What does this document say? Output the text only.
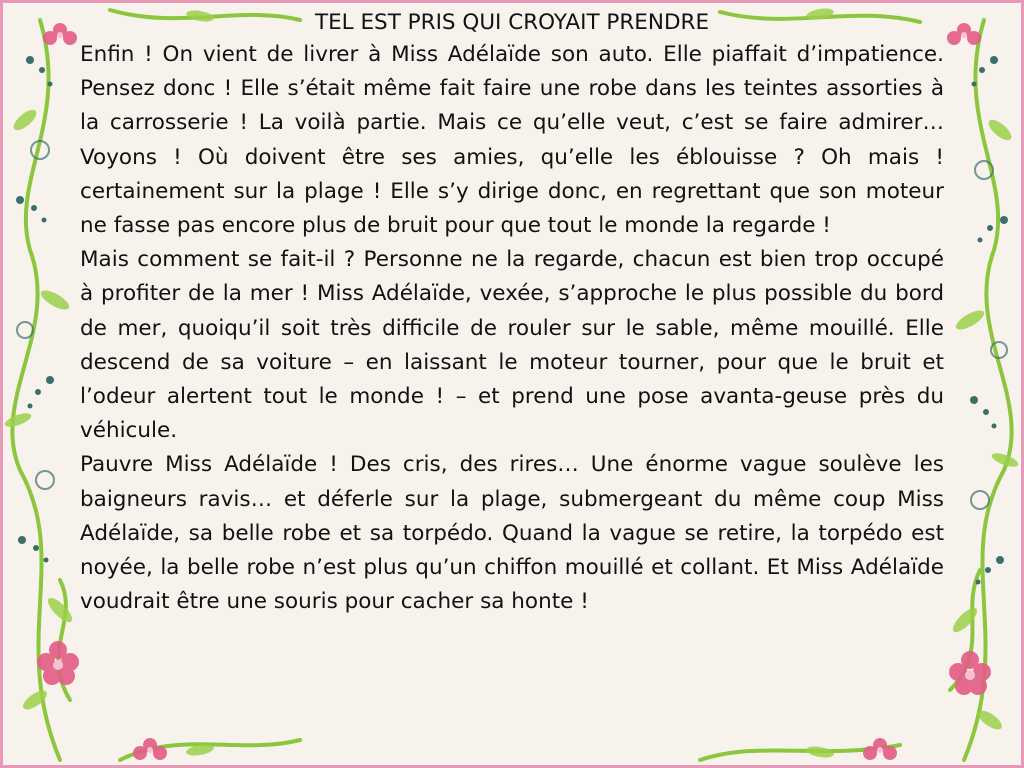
TEL EST PRIS QUI CROYAIT PRENDRE

Enfin ! On vient de livrer à Miss Adélaïde son auto. Elle piaffait d’impatience. Pensez donc ! Elle s’était même fait faire une robe dans les teintes assorties à la carrosserie ! La voilà partie. Mais ce qu’elle veut, c’est se faire admirer… Voyons ! Où doivent être ses amies, qu’elle les éblouisse ? Oh mais ! certainement sur la plage ! Elle s’y dirige donc, en regrettant que son moteur ne fasse pas encore plus de bruit pour que tout le monde la regarde !

Mais comment se fait-il ? Personne ne la regarde, chacun est bien trop occupé à profiter de la mer ! Miss Adélaïde, vexée, s’approche le plus possible du bord de mer, quoiqu’il soit très difficile de rouler sur le sable, même mouillé. Elle descend de sa voiture – en laissant le moteur tourner, pour que le bruit et l’odeur alertent tout le monde ! – et prend une pose avanta-geuse près du véhicule.

Pauvre Miss Adélaïde ! Des cris, des rires… Une énorme vague soulève les baigneurs ravis… et déferle sur la plage, submergeant du même coup Miss Adélaïde, sa belle robe et sa torpédo. Quand la vague se retire, la torpédo est noyée, la belle robe n’est plus qu’un chiffon mouillé et collant. Et Miss Adélaïde voudrait être une souris pour cacher sa honte !
